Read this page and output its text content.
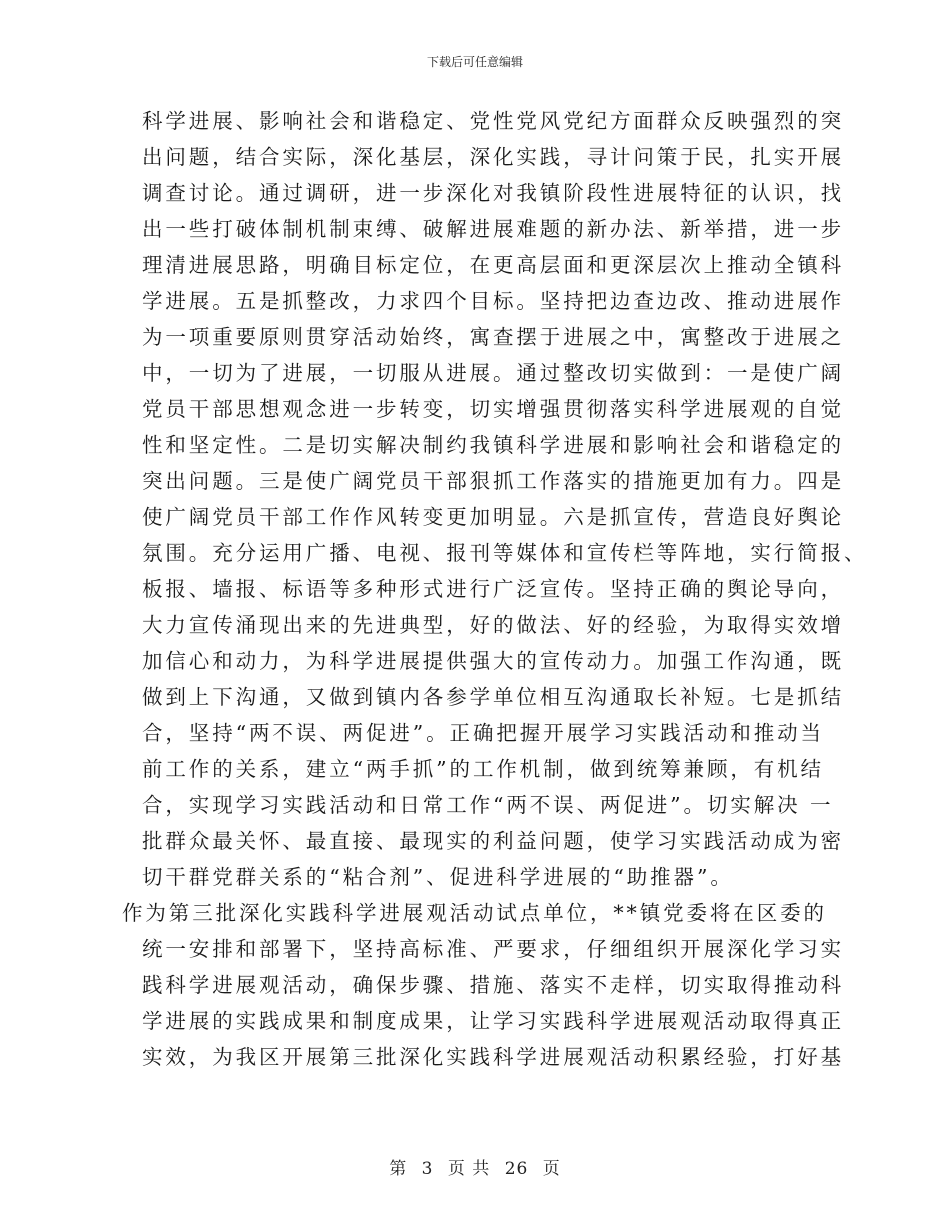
下载后可任意编辑
科学进展、影响社会和谐稳定、党性党风党纪方面群众反映强烈的突
出问题，结合实际，深化基层，深化实践，寻计问策于民，扎实开展
调查讨论。通过调研，进一步深化对我镇阶段性进展特征的认识，找
出一些打破体制机制束缚、破解进展难题的新办法、新举措，进一步
理清进展思路，明确目标定位，在更高层面和更深层次上推动全镇科
学进展。五是抓整改，力求四个目标。坚持把边查边改、推动进展作
为一项重要原则贯穿活动始终，寓查摆于进展之中，寓整改于进展之
中，一切为了进展，一切服从进展。通过整改切实做到：一是使广阔
党员干部思想观念进一步转变，切实增强贯彻落实科学进展观的自觉
性和坚定性。二是切实解决制约我镇科学进展和影响社会和谐稳定的
突出问题。三是使广阔党员干部狠抓工作落实的措施更加有力。四是
使广阔党员干部工作作风转变更加明显。六是抓宣传，营造良好舆论
氛围。充分运用广播、电视、报刊等媒体和宣传栏等阵地，实行简报、
板报、墙报、标语等多种形式进行广泛宣传。坚持正确的舆论导向，
大力宣传涌现出来的先进典型，好的做法、好的经验，为取得实效增
加信心和动力，为科学进展提供强大的宣传动力。加强工作沟通，既
做到上下沟通，又做到镇内各参学单位相互沟通取长补短。七是抓结
合，坚持“两不误、两促进”。正确把握开展学习实践活动和推动当
前工作的关系，建立“两手抓”的工作机制，做到统筹兼顾，有机结
合，实现学习实践活动和日常工作“两不误、两促进”。切实解决 一
批群众最关怀、最直接、最现实的利益问题，使学习实践活动成为密
切干群党群关系的“粘合剂”、促进科学进展的“助推器”。
作为第三批深化实践科学进展观活动试点单位，**镇党委将在区委的
统一安排和部署下，坚持高标准、严要求，仔细组织开展深化学习实
践科学进展观活动，确保步骤、措施、落实不走样，切实取得推动科
学进展的实践成果和制度成果，让学习实践科学进展观活动取得真正
实效，为我区开展第三批深化实践科学进展观活动积累经验，打好基
第 3 页 共 26 页
